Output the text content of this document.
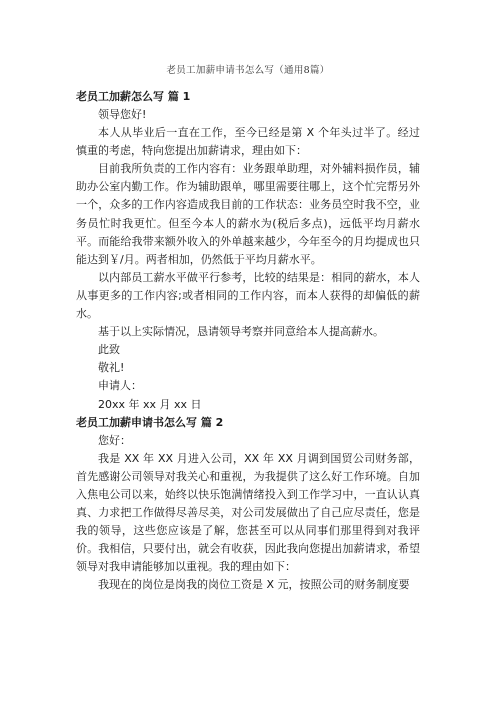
老员工加薪申请书怎么写（通用8篇）
老员工加薪怎么写 篇 1

领导您好!

本人从毕业后一直在工作，至今已经是第 X 个年头过半了。经过慎重的考虑，特向您提出加薪请求，理由如下：

目前我所负责的工作内容有：业务跟单助理，对外辅料损作员，辅助办公室内勤工作。作为辅助跟单，哪里需要往哪上，这个忙完帮另外一个，众多的工作内容造成我目前的工作状态：业务员空时我不空，业务员忙时我更忙。但至今本人的薪水为(税后多点)，远低平均月薪水平。而能给我带来额外收入的外单越来越少，今年至今的月均提成也只能达到￥/月。两者相加，仍然低于平均月薪水平。

以内部员工薪水平做平行参考，比较的结果是：相同的薪水，本人从事更多的工作内容;或者相同的工作内容，而本人获得的却偏低的薪水。

基于以上实际情况，恳请领导考察并同意给本人提高薪水。

此致

敬礼!

申请人：

20xx 年 xx 月 xx 日

老员工加薪申请书怎么写 篇 2

您好：

我是 XX 年 XX 月进入公司，XX 年 XX 月调到国贸公司财务部，首先感谢公司领导对我关心和重视，为我提供了这么好工作环境。自加入焦电公司以来，始终以快乐饱满情绪投入到工作学习中，一直认认真真、力求把工作做得尽善尽美，对公司发展做出了自己应尽责任，您是我的领导，这些您应该是了解，您甚至可以从同事们那里得到对我评价。我相信，只要付出，就会有收获，因此我向您提出加薪请求，希望领导对我申请能够加以重视。我的理由如下：

我现在的岗位是岗我的岗位工资是 X 元，按照公司的财务制度要
